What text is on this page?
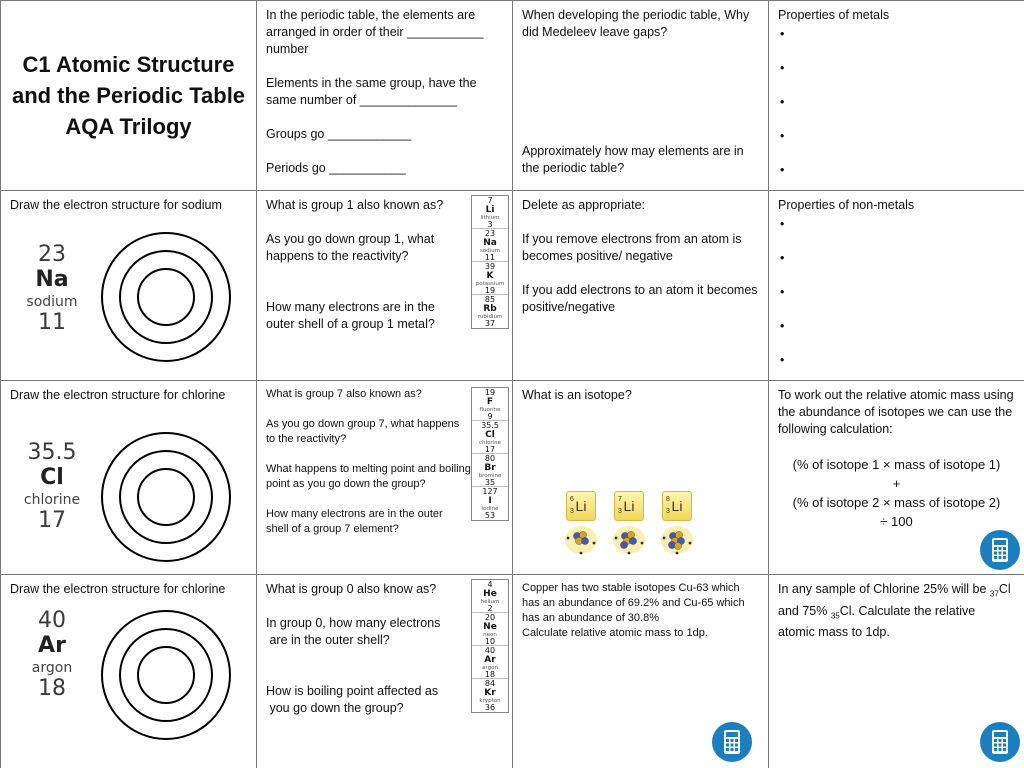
C1 Atomic Structure
and the Periodic Table
AQA Trilogy

In the periodic table, the elements are arranged in order of their ___________ number

Elements in the same group, have the same number of ______________

Groups go ____________

Periods go ___________

When developing the periodic table, Why did Medeleev leave gaps?

Approximately how may elements are in the periodic table?

Properties of metals

•
•
•
•
•

Draw the electron structure for sodium

23
Na
sodium
11

What is group 1 also known as?

As you go down group 1, what happens to the reactivity?

How many electrons are in the outer shell of a group 1 metal?

7
Li
lithium
3
23
Na
sodium
11
39
K
potassium
19
85
Rb
rubidium
37

Delete as appropriate:

If you remove electrons from an atom is becomes positive/ negative

If you add electrons to an atom it becomes positive/negative

Properties of non-metals

•
•
•
•
•

Draw the electron structure for chlorine

35.5
Cl
chlorine
17

What is group 7 also known as?

As you go down group 7, what happens to the reactivity?

What happens to melting point and boiling point as you go down the group?

How many electrons are in the outer shell of a group 7 element?

19
F
fluorine
9
35.5
Cl
chlorine
17
80
Br
bromine
35
127
I
iodine
53

What is an isotope?

6
3 Li	7
3 Li	8
3 Li

To work out the relative atomic mass using the abundance of isotopes we can use the following calculation:

(% of isotope 1 × mass of isotope 1)
+
(% of isotope 2 × mass of isotope 2)
÷ 100

Draw the electron structure for chlorine

40
Ar
argon
18

What is group 0 also know as?

In group 0, how many electrons
are in the outer shell?

How is boiling point affected as
you go down the group?

4
He
helium
2
20
Ne
neon
10
40
Ar
argon
18
84
Kr
krypton
36

Copper has two stable isotopes Cu-63 which has an abundance of 69.2% and Cu-65 which has an abundance of 30.8%

Calculate relative atomic mass to 1dp.

In any sample of Chlorine 25% will be $_{37}$Cl and 75% $_{35}$Cl. Calculate the relative atomic mass to 1dp.
